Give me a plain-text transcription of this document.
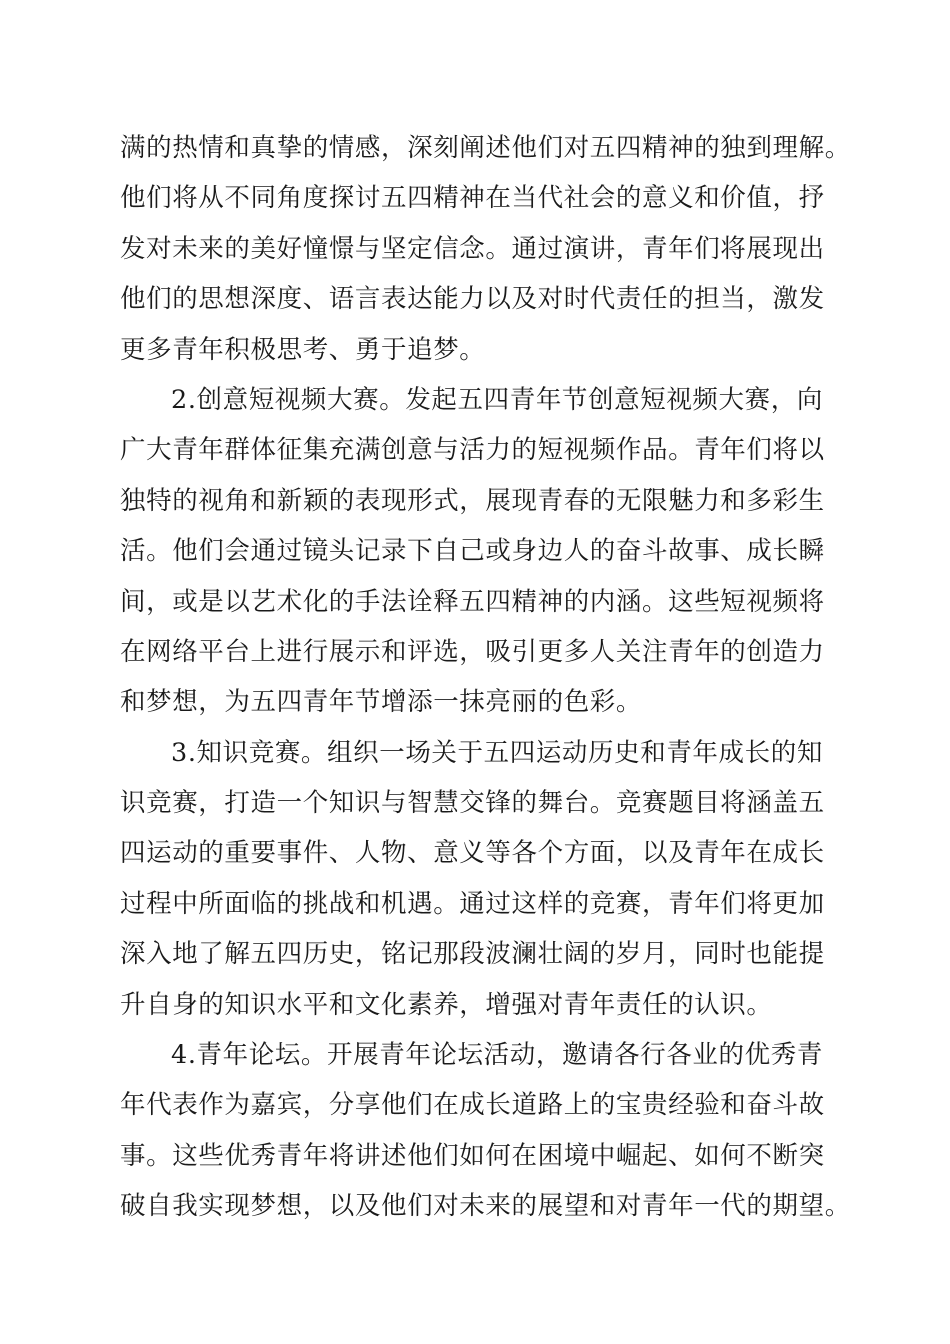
满的热情和真挚的情感，深刻阐述他们对五四精神的独到理解。
他们将从不同角度探讨五四精神在当代社会的意义和价值，抒
发对未来的美好憧憬与坚定信念。通过演讲，青年们将展现出
他们的思想深度、语言表达能力以及对时代责任的担当，激发
更多青年积极思考、勇于追梦。
2.创意短视频大赛。发起五四青年节创意短视频大赛，向
广大青年群体征集充满创意与活力的短视频作品。青年们将以
独特的视角和新颖的表现形式，展现青春的无限魅力和多彩生
活。他们会通过镜头记录下自己或身边人的奋斗故事、成长瞬
间，或是以艺术化的手法诠释五四精神的内涵。这些短视频将
在网络平台上进行展示和评选，吸引更多人关注青年的创造力
和梦想，为五四青年节增添一抹亮丽的色彩。
3.知识竞赛。组织一场关于五四运动历史和青年成长的知
识竞赛，打造一个知识与智慧交锋的舞台。竞赛题目将涵盖五
四运动的重要事件、人物、意义等各个方面，以及青年在成长
过程中所面临的挑战和机遇。通过这样的竞赛，青年们将更加
深入地了解五四历史，铭记那段波澜壮阔的岁月，同时也能提
升自身的知识水平和文化素养，增强对青年责任的认识。
4.青年论坛。开展青年论坛活动，邀请各行各业的优秀青
年代表作为嘉宾，分享他们在成长道路上的宝贵经验和奋斗故
事。这些优秀青年将讲述他们如何在困境中崛起、如何不断突
破自我实现梦想，以及他们对未来的展望和对青年一代的期望。
